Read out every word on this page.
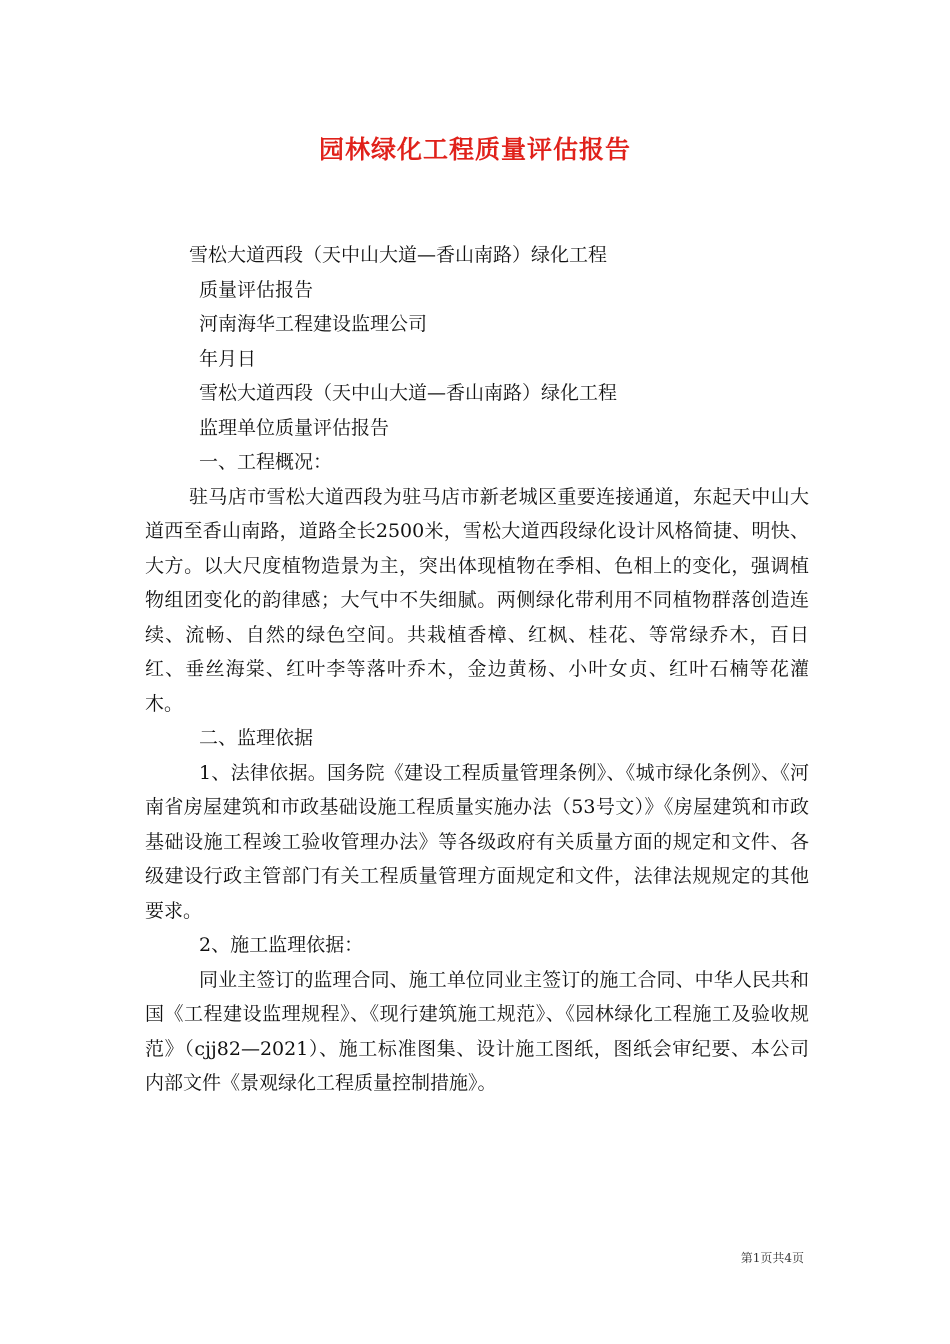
园林绿化工程质量评估报告
雪松大道西段（天中山大道—香山南路）绿化工程
质量评估报告
河南海华工程建设监理公司
年月日
雪松大道西段（天中山大道—香山南路）绿化工程
监理单位质量评估报告
一、工程概况：

驻马店市雪松大道西段为驻马店市新老城区重要连接通道，东起天中山大道西至香山南路，道路全长2500米，雪松大道西段绿化设计风格简捷、明快、大方。以大尺度植物造景为主，突出体现植物在季相、色相上的变化，强调植物组团变化的韵律感；大气中不失细腻。两侧绿化带利用不同植物群落创造连续、流畅、自然的绿色空间。共栽植香樟、红枫、桂花、等常绿乔木，百日红、垂丝海棠、红叶李等落叶乔木，金边黄杨、小叶女贞、红叶石楠等花灌木。

二、监理依据

1、法律依据。国务院《建设工程质量管理条例》、《城市绿化条例》、《河南省房屋建筑和市政基础设施工程质量实施办法（53号文）》《房屋建筑和市政基础设施工程竣工验收管理办法》等各级政府有关质量方面的规定和文件、各级建设行政主管部门有关工程质量管理方面规定和文件，法律法规规定的其他要求。

2、施工监理依据：

同业主签订的监理合同、施工单位同业主签订的施工合同、中华人民共和国《工程建设监理规程》、《现行建筑施工规范》、《园林绿化工程施工及验收规范》（cjj82—2021）、施工标准图集、设计施工图纸，图纸会审纪要、本公司内部文件《景观绿化工程质量控制措施》。

第1页共4页
